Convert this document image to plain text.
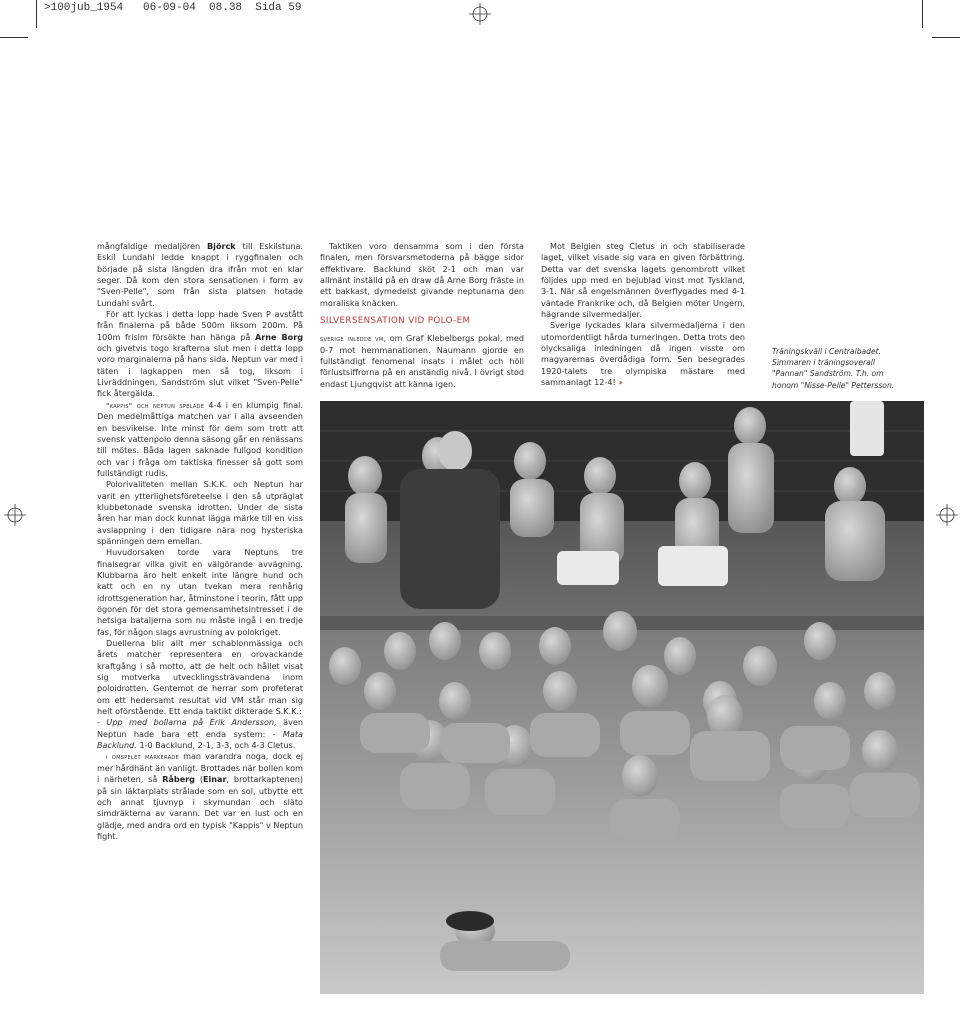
>100jub_1954   06-09-04  08.38  Sida 59

mångfaldige medaljören Björck till Eskilstuna. Eskil Lundahl ledde knappt i ryggfinalen och började på sista längden dra ifrån mot en klar seger. Då kom den stora sensationen i form av "Sven-Pelle", som från sista platsen hotade Lundahl svårt.

För att lyckas i detta lopp hade Sven P avstått från finalerna på både 500m liksom 200m. På 100m frisim försökte han hänga på Arne Borg och givetvis togo krafterna slut men i detta lopp voro marginalerna på hans sida. Neptun var med i täten i lagkappen men så tog, liksom i Livräddningen, Sandström slut vilket "Sven-Pelle" fick återgälda.

"kappis" och neptun spelade 4-4 i en klumpig final. Den medelmåttiga matchen var i alla avseenden en besvikelse. Inte minst för dem som trott att svensk vattenpolo denna säsong går en renässans till mötes. Båda lagen saknade fullgod kondition och var i fråga om taktiska finesser så gott som fullständigt rudis.

Polorivaliteten mellan S.K.K. och Neptun har varit en ytterlighetsföreteelse i den så utpräglat klubbetonade svenska idrotten. Under de sista åren har man dock kunnat lägga märke till en viss avslappning i den tidigare nära nog hysteriska spänningen dem emellan.

Huvudorsaken torde vara Neptuns tre finalsegrar vilka givit en välgörande avvägning. Klubbarna äro helt enkelt inte längre hund och katt och en ny utan tvekan mera renhårig idrottsgeneration har, åtminstone i teorin, fått upp ögonen för det stora gemensamhetsintresset i de hetsiga bataljerna som nu måste ingå i en tredje fas, för någon slags avrustning av polokriget.

Duellerna blir allt mer schablonmässiga och årets matcher representera en orovackande kraftgång i så motto, att de helt och hållet visat sig motverka utvecklingssträvandena inom poloidrotten. Gentemot de herrar som profeterat om ett hedersamt resultat vid VM står man sig helt oförstående. Ett enda taktikt dikterade S.K.K.:

- Upp med bollarna på Erik Andersson, även Neptun hade bara ett enda system: - Mata Backlund. 1-0 Backlund, 2-1, 3-3, och 4-3 Cletus.

i omspelet markerade man varandra noga, dock ej mer hårdhänt än vanligt. Brottades när bollen kom i närheten, så Råberg (Einar, brottarkaptenen) på sin läktarplats strålade som en sol, utbytte ett och annat tjuvnyp i skymundan och släto simdräkterna av varann. Det var en lust och en glädje, med andra ord en typisk "Kappis" v Neptun fight.

Taktiken voro densamma som i den första finalen, men försvarsmetoderna på bägge sidor effektivare. Backlund sköt 2-1 och man var allmänt inställd på en draw då Arne Borg fräste in ett bakkast, dymedelst givande neptunarna den moraliska knäcken.

SILVERSENSATION VID POLO-EM

sverige inledde vm, om Graf Klebelbergs pokal, med 0-7 mot hemmanationen. Naumann gjorde en fullständigt fenomenal insats i målet och höll förlustsiffrorna på en anständig nivå. I övrigt stod endast Ljungqvist att känna igen.

Mot Belgien steg Cletus in och stabiliserade laget, vilket visade sig vara en given förbättring. Detta var det svenska lagets genombrott vilket följdes upp med en bejublad vinst mot Tyskland, 3-1. När så engelsmännen överflygades med 4-1 väntade Frankrike och, då Belgien möter Ungern, hägrande silvermedaljer.

Sverige lyckades klara silvermedaljerna i den utomordentligt hårda turneringen. Detta trots den olycksaliga inledningen då ingen visste om magyarernas överdådiga form. Sen besegrades 1920-talets tre olympiska mästare med sammanlagt 12-4! ››

Träningskväll i Centralbadet. Simmaren i träningsoverall "Pannan" Sandström. T.h. om honom "Nisse-Pelle" Pettersson.
